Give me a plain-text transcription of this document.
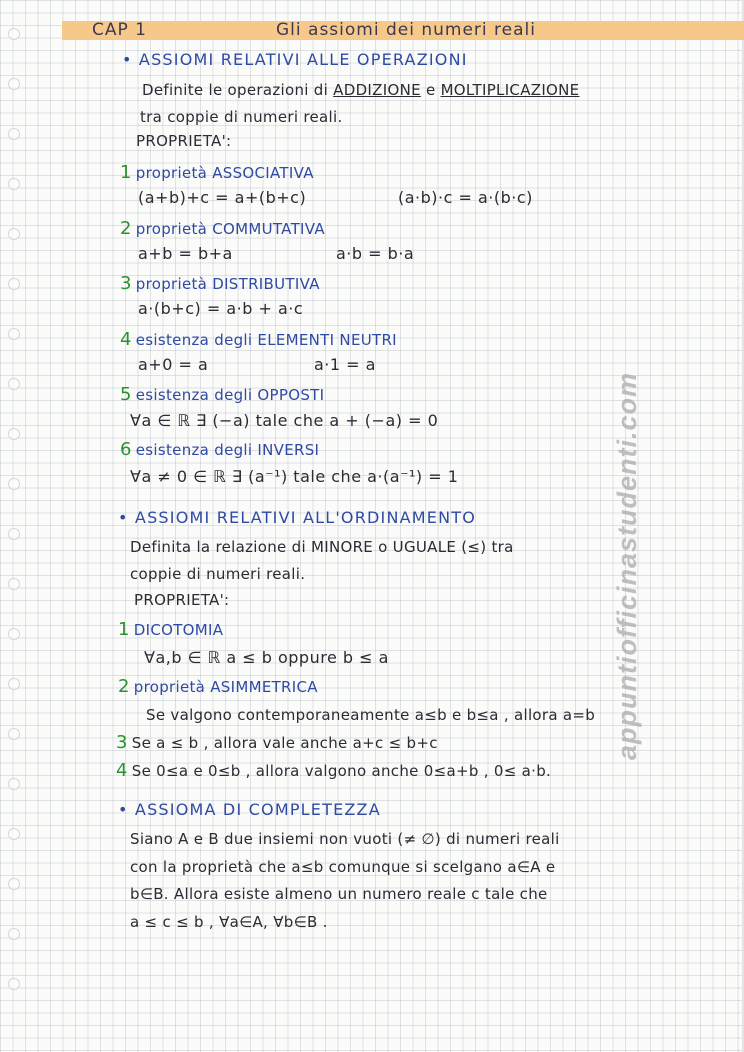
CAP 1	Gli assiomi dei numeri reali
• ASSIOMI RELATIVI ALLE OPERAZIONI
Definite le operazioni di ADDIZIONE e MOLTIPLICAZIONE
tra coppie di numeri reali.
PROPRIETA':
1 proprietà ASSOCIATIVA
(a+b)+c = a+(b+c)	(a·b)·c = a·(b·c)
2 proprietà COMMUTATIVA
a+b = b+a	a·b = b·a
3 proprietà DISTRIBUTIVA
a·(b+c) = a·b + a·c
4 esistenza degli ELEMENTI NEUTRI
a+0 = a	a·1 = a
5 esistenza degli OPPOSTI
∀a ∈ ℝ ∃ (−a) tale che a + (−a) = 0
6 esistenza degli INVERSI
∀a ≠ 0 ∈ ℝ ∃ (a⁻¹) tale che a·(a⁻¹) = 1
• ASSIOMI RELATIVI ALL'ORDINAMENTO
Definita la relazione di MINORE o UGUALE (≤) tra
coppie di numeri reali.
PROPRIETA':
1 DICOTOMIA
∀a,b ∈ ℝ a ≤ b oppure b ≤ a
2 proprietà ASIMMETRICA
Se valgono contemporaneamente a≤b e b≤a , allora a=b
3 Se a ≤ b , allora vale anche a+c ≤ b+c
4 Se 0≤a e 0≤b , allora valgono anche 0≤a+b , 0≤ a·b.
• ASSIOMA DI COMPLETEZZA
Siano A e B due insiemi non vuoti (≠ ∅) di numeri reali
con la proprietà che a≤b comunque si scelgano a∈A e
b∈B. Allora esiste almeno un numero reale c tale che
a ≤ c ≤ b , ∀a∈A, ∀b∈B .
appuntiofficinastudenti.com
